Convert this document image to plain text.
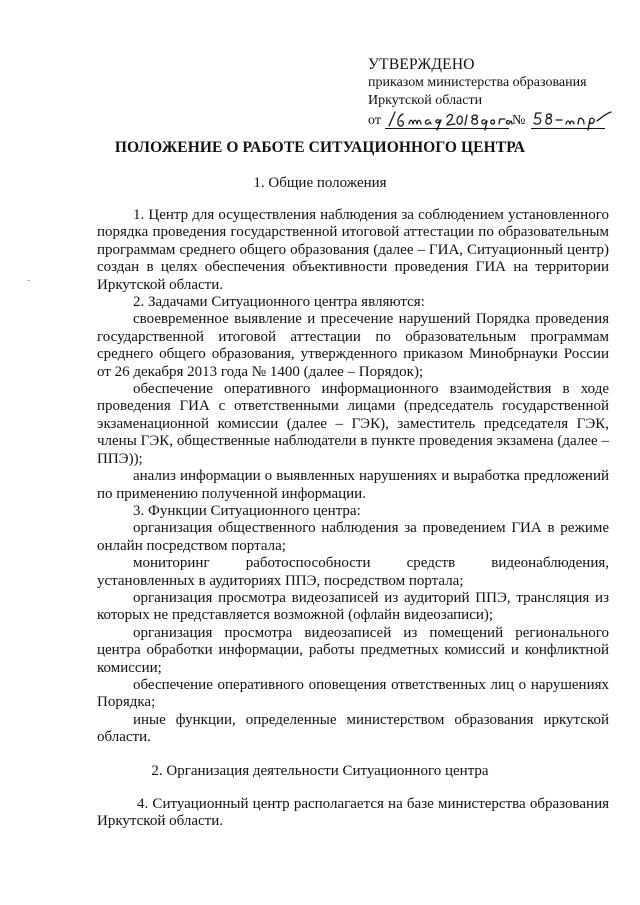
-
УТВЕРЖДЕНО
приказом министерства образования
Иркутской области
от	№
ПОЛОЖЕНИЕ О РАБОТЕ СИТУАЦИОННОГО ЦЕНТРА
1. Общие положения

1. Центр для осуществления наблюдения за соблюдением установленного порядка проведения государственной итоговой аттестации по образовательным программам среднего общего образования (далее – ГИА, Ситуационный центр) создан в целях обеспечения объективности проведения ГИА на территории Иркутской области.

2. Задачами Ситуационного центра являются:

своевременное выявление и пресечение нарушений Порядка проведения государственной итоговой аттестации по образовательным программам среднего общего образования, утвержденного приказом Минобрнауки России от 26 декабря 2013 года № 1400 (далее – Порядок);

обеспечение оперативного информационного взаимодействия в ходе проведения ГИА с ответственными лицами (председатель государственной экзаменационной комиссии (далее – ГЭК), заместитель председателя ГЭК, члены ГЭК, общественные наблюдатели в пункте проведения экзамена (далее – ППЭ));

анализ информации о выявленных нарушениях и выработка предложений по применению полученной информации.

3. Функции Ситуационного центра:

организация общественного наблюдения за проведением ГИА в режиме онлайн посредством портала;

мониторинг работоспособности средств видеонаблюдения, установленных в аудиториях ППЭ, посредством портала;

организация просмотра видеозаписей из аудиторий ППЭ, трансляция из которых не представляется возможной (офлайн видеозаписи);

организация просмотра видеозаписей из помещений регионального центра обработки информации, работы предметных комиссий и конфликтной комиссии;

обеспечение оперативного оповещения ответственных лиц о нарушениях Порядка;

иные функции, определенные министерством образования иркутской области.

2. Организация деятельности Ситуационного центра

4. Ситуационный центр располагается на базе министерства образования Иркутской области.
